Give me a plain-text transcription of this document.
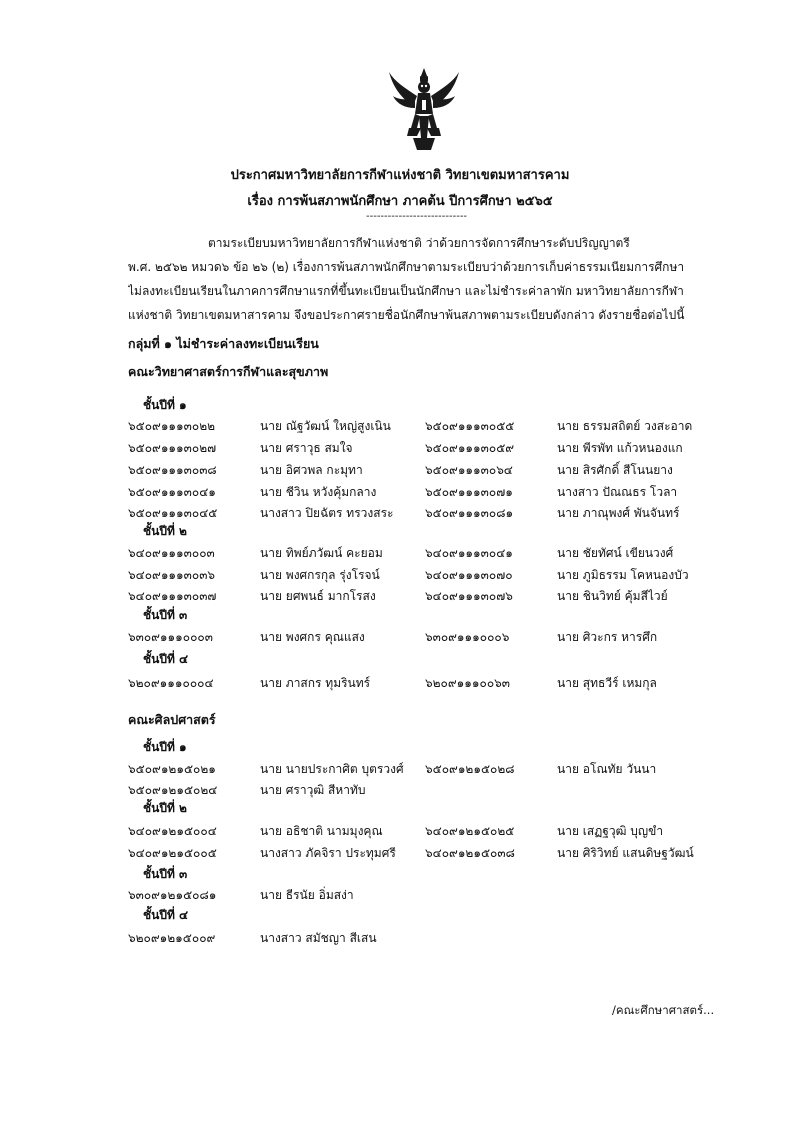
ประกาศมหาวิทยาลัยการกีฬาแห่งชาติ วิทยาเขตมหาสารคาม
เรื่อง การพ้นสภาพนักศึกษา ภาคต้น ปีการศึกษา ๒๕๖๕
----------------------------
ตามระเบียบมหาวิทยาลัยการกีฬาแห่งชาติ ว่าด้วยการจัดการศึกษาระดับปริญญาตรี
พ.ศ. ๒๕๖๒ หมวด๖ ข้อ ๒๖ (๒) เรื่องการพ้นสภาพนักศึกษาตามระเบียบว่าด้วยการเก็บค่าธรรมเนียมการศึกษา
ไม่ลงทะเบียนเรียนในภาคการศึกษาแรกที่ขึ้นทะเบียนเป็นนักศึกษา และไม่ชำระค่าลาพัก มหาวิทยาลัยการกีฬา
แห่งชาติ วิทยาเขตมหาสารคาม จึงขอประกาศรายชื่อนักศึกษาพ้นสภาพตามระเบียบดังกล่าว ดังรายชื่อต่อไปนี้
กลุ่มที่ ๑ ไม่ชำระค่าลงทะเบียนเรียน
คณะวิทยาศาสตร์การกีฬาและสุขภาพ
ชั้นปีที่ ๑
๖๕๐๙๑๑๑๓๐๒๒	นาย ณัฐวัฒน์ ใหญ่สูงเนิน	๖๕๐๙๑๑๑๓๐๕๕	นาย ธรรมสถิตย์ วงสะอาด
๖๕๐๙๑๑๑๓๐๒๗	นาย ศราวุธ สมใจ	๖๕๐๙๑๑๑๓๐๕๙	นาย พีรพัท แก้วหนองแก
๖๕๐๙๑๑๑๓๐๓๘	นาย อิศวพล กะมุทา	๖๕๐๙๑๑๑๓๐๖๔	นาย สิรศักดิ์ สีโนนยาง
๖๕๐๙๑๑๑๓๐๔๑	นาย ชีวิน หวังคุ้มกลาง	๖๕๐๙๑๑๑๓๐๗๑	นางสาว ปัณณธร โวลา
๖๕๐๙๑๑๑๓๐๔๕	นางสาว ปิยฉัตร ทรวงสระ	๖๕๐๙๑๑๑๓๐๘๑	นาย ภาณุพงศ์ พันจันทร์
ชั้นปีที่ ๒
๖๔๐๙๑๑๑๓๐๐๓	นาย ทิพย์ภวัฒน์ คะยอม	๖๔๐๙๑๑๑๓๐๔๑	นาย ชัยทัศน์ เขียนวงศ์
๖๔๐๙๑๑๑๓๐๓๖	นาย พงศกรกุล รุ่งโรจน์	๖๔๐๙๑๑๑๓๐๗๐	นาย ภูมิธรรม โคหนองบัว
๖๔๐๙๑๑๑๓๐๓๗	นาย ยศพนธ์ มากโรสง	๖๔๐๙๑๑๑๓๐๗๖	นาย ชินวิทย์ คุ้มสีไวย์
ชั้นปีที่ ๓
๖๓๐๙๑๑๑๐๐๐๓	นาย พงศกร คุณแสง	๖๓๐๙๑๑๑๐๐๐๖	นาย ศิวะกร หารศึก
ชั้นปีที่ ๔
๖๒๐๙๑๑๑๐๐๐๔	นาย ภาสกร ทุมรินทร์	๖๒๐๙๑๑๑๐๐๖๓	นาย สุทธวีร์ เหมกุล
คณะศิลปศาสตร์
ชั้นปีที่ ๑
๖๕๐๙๑๒๑๕๐๒๑	นาย นายประกาศิต บุตรวงศ์ ๖๕๐๙๑๒๑๕๐๒๘	นาย อโณทัย วันนา
๖๕๐๙๑๒๑๕๐๒๔	นาย ศราวุฒิ สีหาทับ
ชั้นปีที่ ๒
๖๔๐๙๑๒๑๕๐๐๔	นาย อธิชาติ นามมุงคุณ	๖๔๐๙๑๒๑๕๐๒๕	นาย เสฏฐวุฒิ บุญขำ
๖๔๐๙๑๒๑๕๐๐๕	นางสาว ภัคจิรา ประทุมศรี ๖๔๐๙๑๒๑๕๐๓๘	นาย ศิริวิทย์ แสนดิษฐวัฒน์
ชั้นปีที่ ๓
๖๓๐๙๑๒๑๕๐๘๑	นาย ธีรนัย อิ่มสง่า
ชั้นปีที่ ๔
๖๒๐๙๑๒๑๕๐๐๙	นางสาว สมัชญา สีเสน
/คณะศึกษาศาสตร์...
